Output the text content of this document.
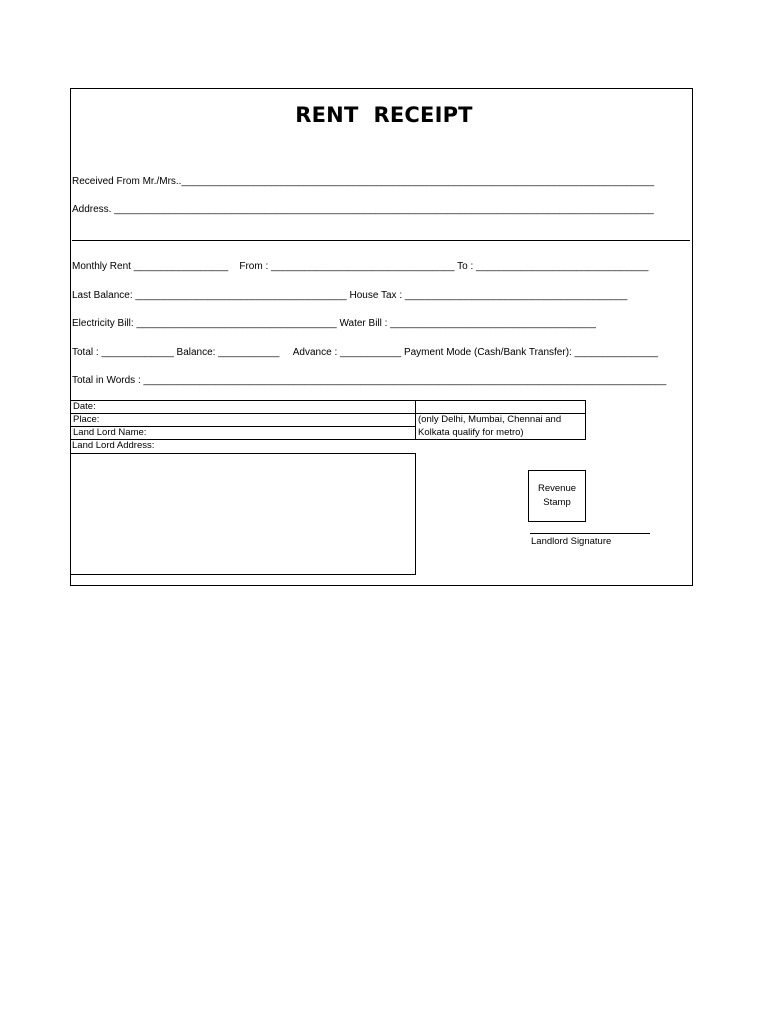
RENT  RECEIPT
Received From Mr./Mrs.._____________________________________________________________________________________
Address. _________________________________________________________________________________________________
Monthly Rent _________________    From : _________________________________ To : _______________________________
Last Balance: ______________________________________ House Tax : ________________________________________
Electricity Bill: ____________________________________ Water Bill : _____________________________________
Total : _____________ Balance: ___________     Advance : ___________ Payment Mode (Cash/Bank Transfer): _______________
Total in Words : ______________________________________________________________________________________________
Date:
Place:
Land Lord Name:
(only Delhi, Mumbai, Chennai and
Kolkata qualify for metro)
Land Lord Address:
Revenue
Stamp
Landlord Signature
